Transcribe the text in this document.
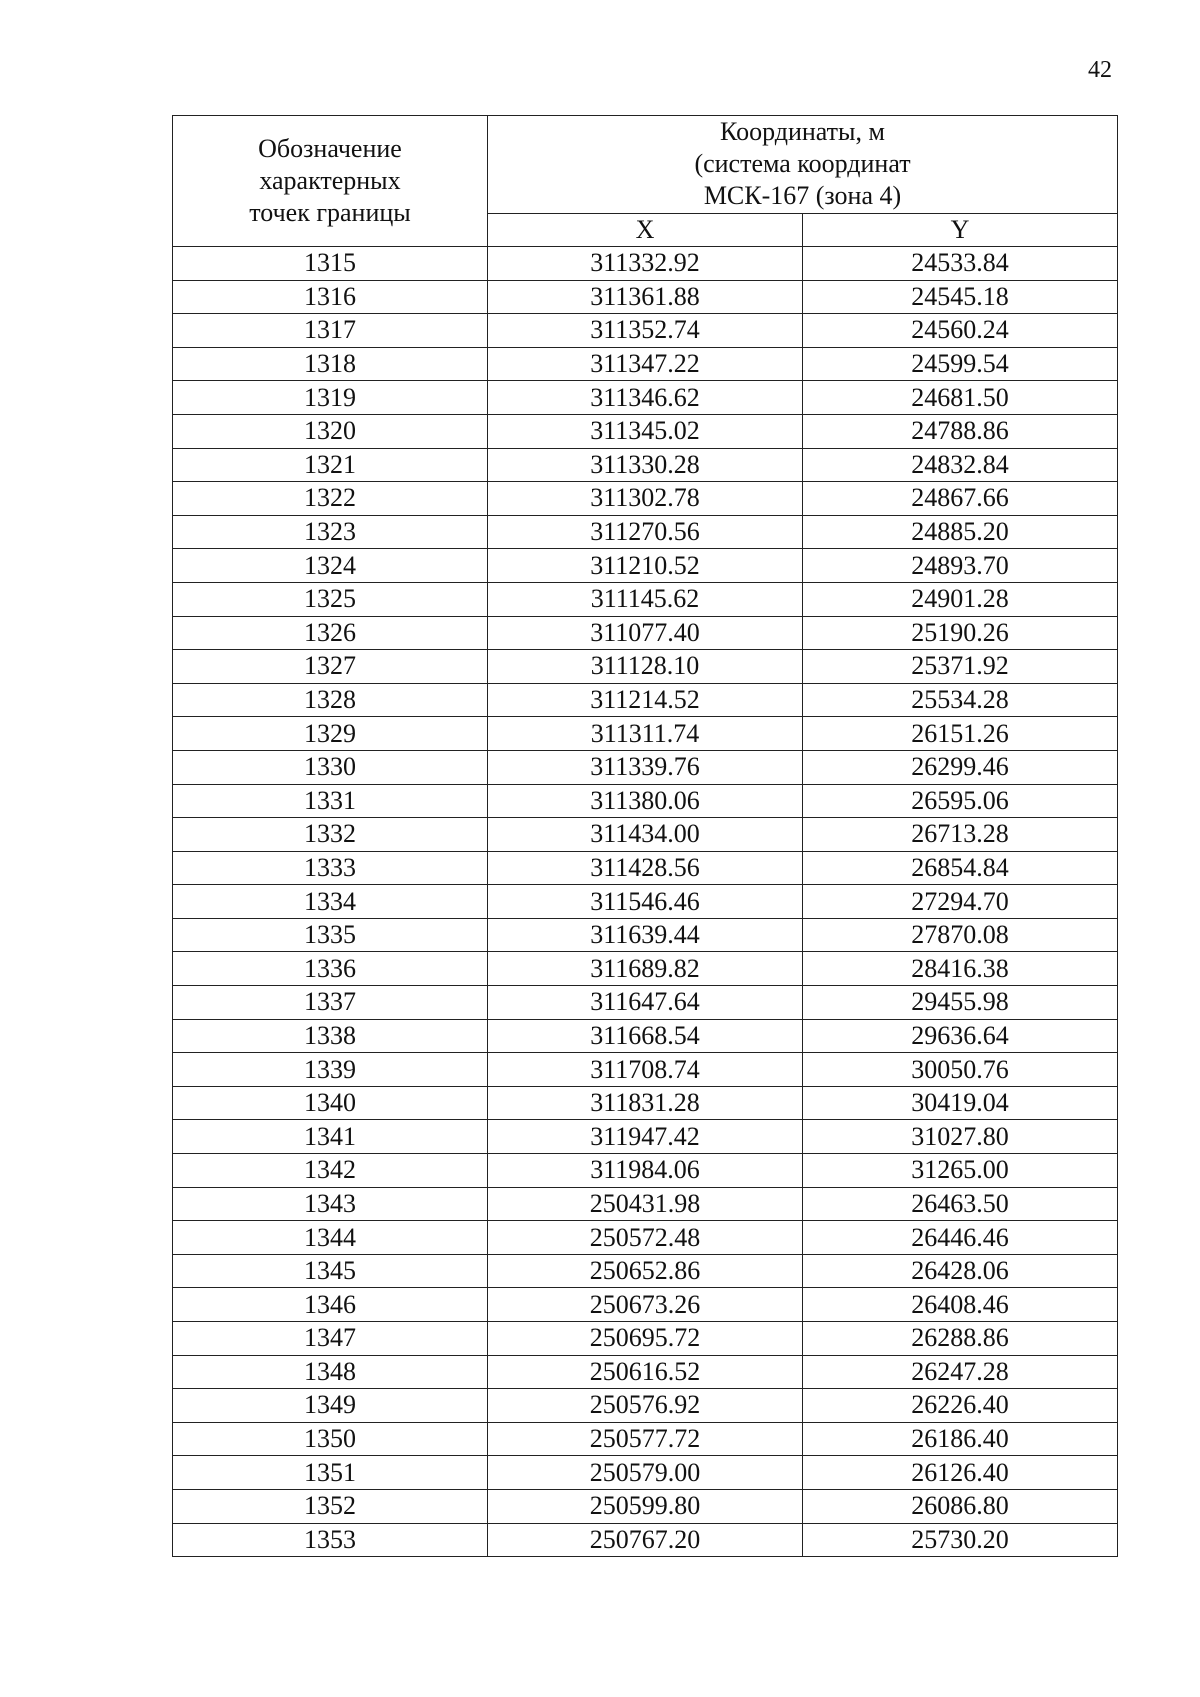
42
Обозначение
характерных
точек границы	Координаты, м
(система координат
МСК-167 (зона 4)	

	X	Y
1315	311332.92	24533.84
1316	311361.88	24545.18
1317	311352.74	24560.24
1318	311347.22	24599.54
1319	311346.62	24681.50
1320	311345.02	24788.86
1321	311330.28	24832.84
1322	311302.78	24867.66
1323	311270.56	24885.20
1324	311210.52	24893.70
1325	311145.62	24901.28
1326	311077.40	25190.26
1327	311128.10	25371.92
1328	311214.52	25534.28
1329	311311.74	26151.26
1330	311339.76	26299.46
1331	311380.06	26595.06
1332	311434.00	26713.28
1333	311428.56	26854.84
1334	311546.46	27294.70
1335	311639.44	27870.08
1336	311689.82	28416.38
1337	311647.64	29455.98
1338	311668.54	29636.64
1339	311708.74	30050.76
1340	311831.28	30419.04
1341	311947.42	31027.80
1342	311984.06	31265.00
1343	250431.98	26463.50
1344	250572.48	26446.46
1345	250652.86	26428.06
1346	250673.26	26408.46
1347	250695.72	26288.86
1348	250616.52	26247.28
1349	250576.92	26226.40
1350	250577.72	26186.40
1351	250579.00	26126.40
1352	250599.80	26086.80
1353	250767.20	25730.20
